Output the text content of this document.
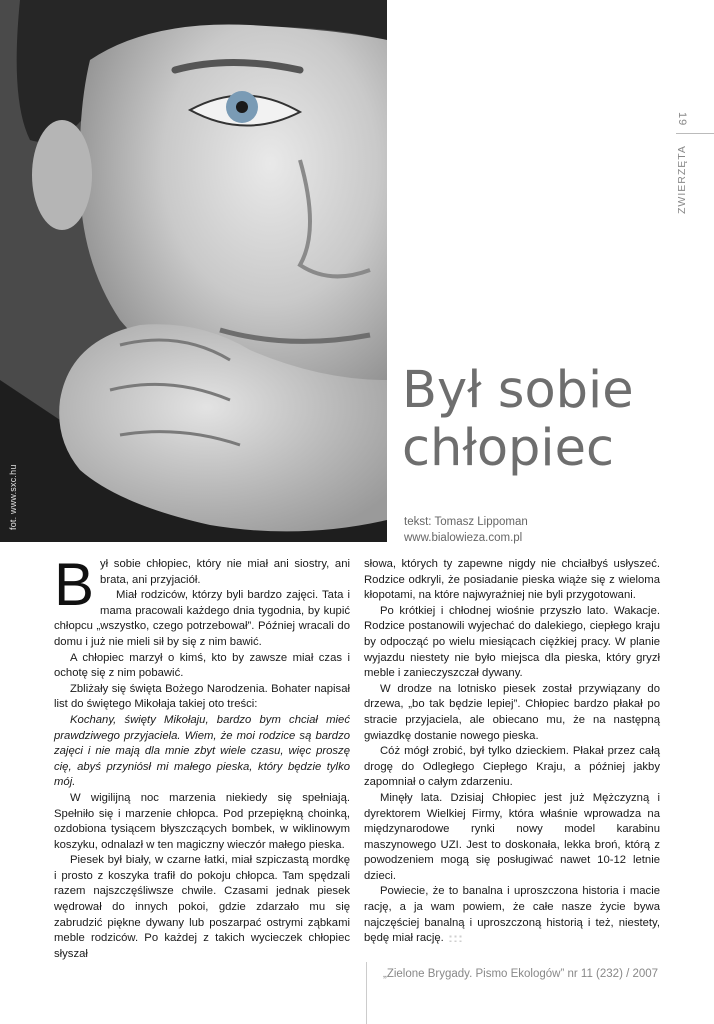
fot. www.sxc.hu
19
ZWIERZĘTA
Był sobie
chłopiec
tekst: Tomasz Lippoman
www.bialowieza.com.pl

Był sobie chłopiec, który nie miał ani siostry, ani brata, ani przyjaciół.

Miał rodziców, którzy byli bardzo zajęci. Tata i mama pracowali każdego dnia tygodnia, by kupić chłopcu „wszystko, czego potrzebował”. Później wracali do domu i już nie mieli sił by się z nim bawić.

A chłopiec marzył o kimś, kto by zawsze miał czas i ochotę się z nim pobawić.

Zbliżały się święta Bożego Narodzenia. Bohater napisał list do świętego Mikołaja takiej oto treści:

Kochany, święty Mikołaju, bardzo bym chciał mieć prawdziwego przyjaciela. Wiem, że moi rodzice są bardzo zajęci i nie mają dla mnie zbyt wiele czasu, więc proszę cię, abyś przyniósł mi małego pieska, który będzie tylko mój.

W wigilijną noc marzenia niekiedy się spełniają. Spełniło się i marzenie chłopca. Pod przepiękną choinką, ozdobiona tysiącem błyszczących bombek, w wiklinowym koszyku, odnalazł w ten magiczny wieczór małego pieska.

Piesek był biały, w czarne łatki, miał szpiczastą mordkę i prosto z koszyka trafił do pokoju chłopca. Tam spędzali razem najszczęśliwsze chwile. Czasami jednak piesek wędrował do innych pokoi, gdzie zdarzało mu się zabrudzić piękne dywany lub poszarpać ostrymi ząbkami meble rodziców. Po każdej z takich wycieczek chłopiec słyszał

słowa, których ty zapewne nigdy nie chciałbyś usłyszeć. Rodzice odkryli, że posiadanie pieska wiąże się z wieloma kłopotami, na które najwyraźniej nie byli przygotowani.

Po krótkiej i chłodnej wiośnie przyszło lato. Wakacje. Rodzice postanowili wyjechać do dalekiego, ciepłego kraju by odpocząć po wielu miesiącach ciężkiej pracy. W planie wyjazdu niestety nie było miejsca dla pieska, który gryzł meble i zanieczyszczał dywany.

W drodze na lotnisko piesek został przywiązany do drzewa, „bo tak będzie lepiej”. Chłopiec bardzo płakał po stracie przyjaciela, ale obiecano mu, że na następną gwiazdkę dostanie nowego pieska.

Cóż mógł zrobić, był tylko dzieckiem. Płakał przez całą drogę do Odległego Ciepłego Kraju, a później jakby zapomniał o całym zdarzeniu.

Minęły lata. Dzisiaj Chłopiec jest już Mężczyzną i dyrektorem Wielkiej Firmy, która właśnie wprowadza na międzynarodowe rynki nowy model karabinu maszynowego UZI. Jest to doskonała, lekka broń, którą z powodzeniem mogą się posługiwać nawet 10-12 letnie dzieci.

Powiecie, że to banalna i uproszczona historia i macie rację, a ja wam powiem, że całe nasze życie bywa najczęściej banalną i uproszczoną historią i też, niestety, będę miał rację.

„Zielone Brygady. Pismo Ekologów” nr 11 (232) / 2007
